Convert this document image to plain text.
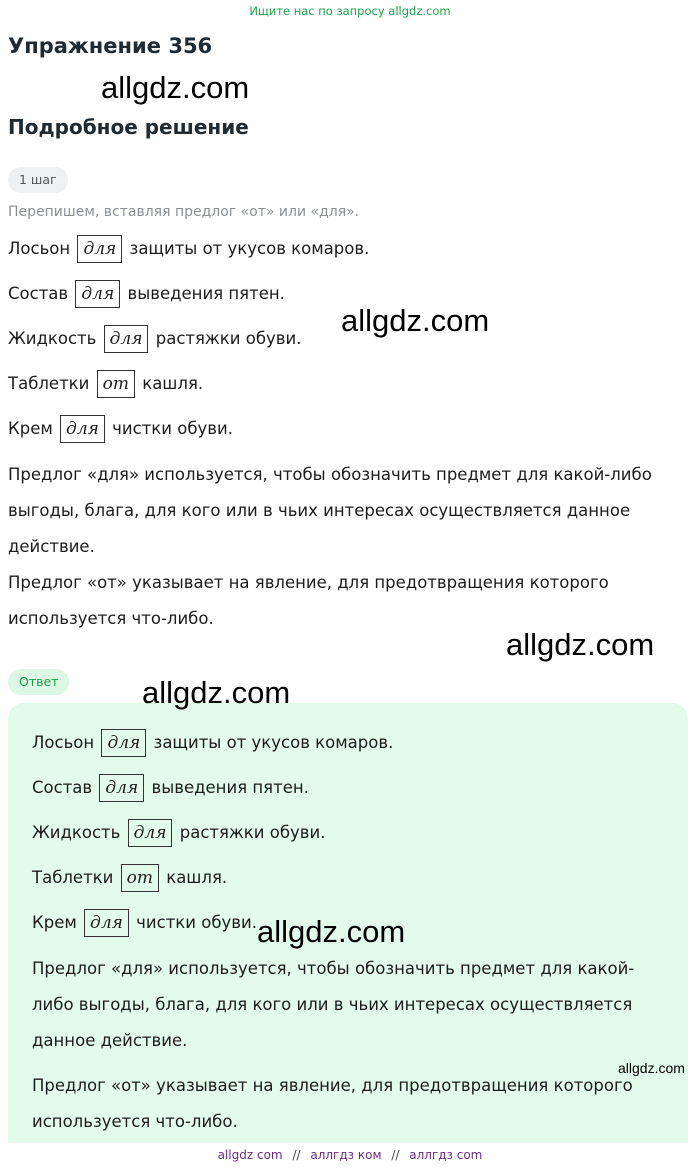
Ищите нас по запросу allgdz.com
Упражнение 356
Подробное решение
1 шаг
Перепишем, вставляя предлог «от» или «для».
Лосьон для защиты от укусов комаров.
Состав для выведения пятен.
Жидкость для растяжки обуви.
Таблетки от кашля.
Крем для чистки обуви.
Предлог «для» используется, чтобы обозначить предмет для какой-либо выгоды, блага, для кого или в чьих интересах осуществляется данное действие.
Предлог «от» указывает на явление, для предотвращения которого используется что-либо.
Ответ
Лосьон для защиты от укусов комаров.
Состав для выведения пятен.
Жидкость для растяжки обуви.
Таблетки от кашля.
Крем для чистки обуви.
Предлог «для» используется, чтобы обозначить предмет для какой-либо выгоды, блага, для кого или в чьих интересах осуществляется данное действие.
Предлог «от» указывает на явление, для предотвращения которого используется что-либо.
allgdz.com
allgdz.com
allgdz.com
allgdz.com
allgdz.com
allgdz.com
allgdz com // аллгдз ком // аллгдз com
